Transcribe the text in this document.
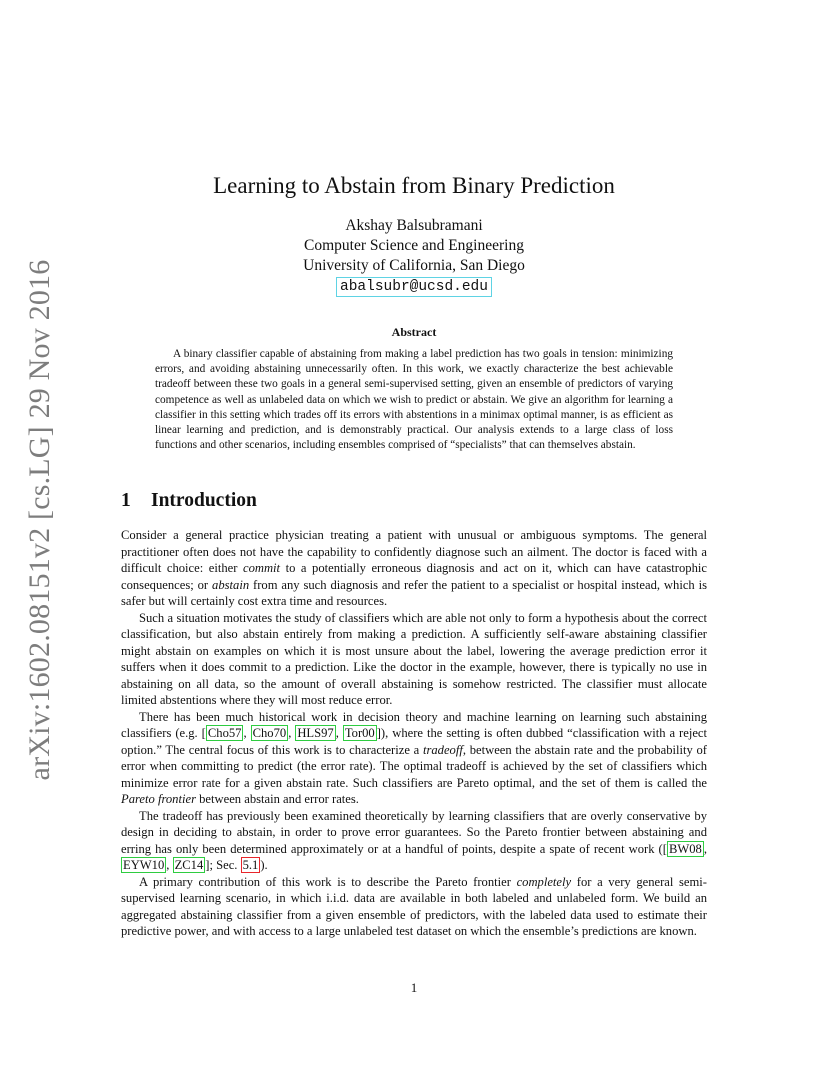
arXiv:1602.08151v2 [cs.LG] 29 Nov 2016
Learning to Abstain from Binary Prediction
Akshay Balsubramani
Computer Science and Engineering
University of California, San Diego
abalsubr@ucsd.edu
Abstract
A binary classifier capable of abstaining from making a label prediction has two goals in tension: minimizing errors, and avoiding abstaining unnecessarily often. In this work, we exactly characterize the best achievable tradeoff between these two goals in a general semi-supervised setting, given an ensemble of predictors of varying competence as well as unlabeled data on which we wish to predict or abstain. We give an algorithm for learning a classifier in this setting which trades off its errors with abstentions in a minimax optimal manner, is as efficient as linear learning and prediction, and is demonstrably practical. Our analysis extends to a large class of loss functions and other scenarios, including ensembles comprised of “specialists” that can themselves abstain.
1 Introduction

Consider a general practice physician treating a patient with unusual or ambiguous symptoms. The general practitioner often does not have the capability to confidently diagnose such an ailment. The doctor is faced with a difficult choice: either commit to a potentially erroneous diagnosis and act on it, which can have catastrophic consequences; or abstain from any such diagnosis and refer the patient to a specialist or hospital instead, which is safer but will certainly cost extra time and resources.

Such a situation motivates the study of classifiers which are able not only to form a hypothesis about the correct classification, but also abstain entirely from making a prediction. A sufficiently self-aware abstaining classifier might abstain on examples on which it is most unsure about the label, lowering the average prediction error it suffers when it does commit to a prediction. Like the doctor in the example, however, there is typically no use in abstaining on all data, so the amount of overall abstaining is somehow restricted. The classifier must allocate limited abstentions where they will most reduce error.

There has been much historical work in decision theory and machine learning on learning such abstaining classifiers (e.g. [ Cho57 , Cho70 , HLS97 , Tor00 ]), where the setting is often dubbed “classification with a reject option.” The central focus of this work is to characterize a tradeoff, between the abstain rate and the probability of error when committing to predict (the error rate). The optimal tradeoff is achieved by the set of classifiers which minimize error rate for a given abstain rate. Such classifiers are Pareto optimal, and the set of them is called the Pareto frontier between abstain and error rates.

The tradeoff has previously been examined theoretically by learning classifiers that are overly conservative by design in deciding to abstain, in order to prove error guarantees. So the Pareto frontier between abstaining and erring has only been determined approximately or at a handful of points, despite a spate of recent work ([ BW08 , EYW10 , ZC14 ]; Sec. 5.1 ).

A primary contribution of this work is to describe the Pareto frontier completely for a very general semi-supervised learning scenario, in which i.i.d. data are available in both labeled and unlabeled form. We build an aggregated abstaining classifier from a given ensemble of predictors, with the labeled data used to estimate their predictive power, and with access to a large unlabeled test dataset on which the ensemble’s predictions are known.

1
